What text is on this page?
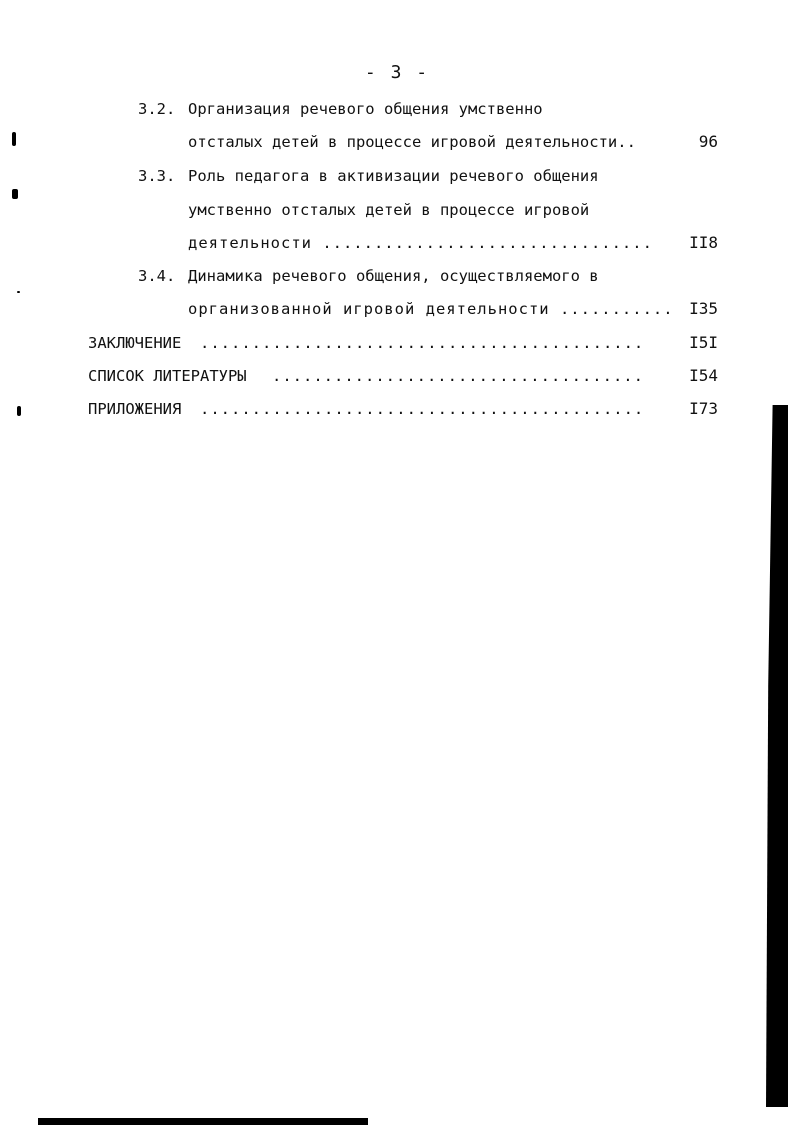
- 3 -
3.2. Организация речевого общения умственно
отсталых детей в процессе игровой деятельности..	96
3.3. Роль педагога в активизации речевого общения
умственно отсталых детей в процессе игровой
деятельности ................................ II8
3.4. Динамика речевого общения, осуществляемого в
организованной игровой деятельности ........... I35
ЗАКЛЮЧЕНИЕ ...........................................	I5I
СПИСОК ЛИТЕРАТУРЫ ....................................	I54
ПРИЛОЖЕНИЯ ...........................................	I73
